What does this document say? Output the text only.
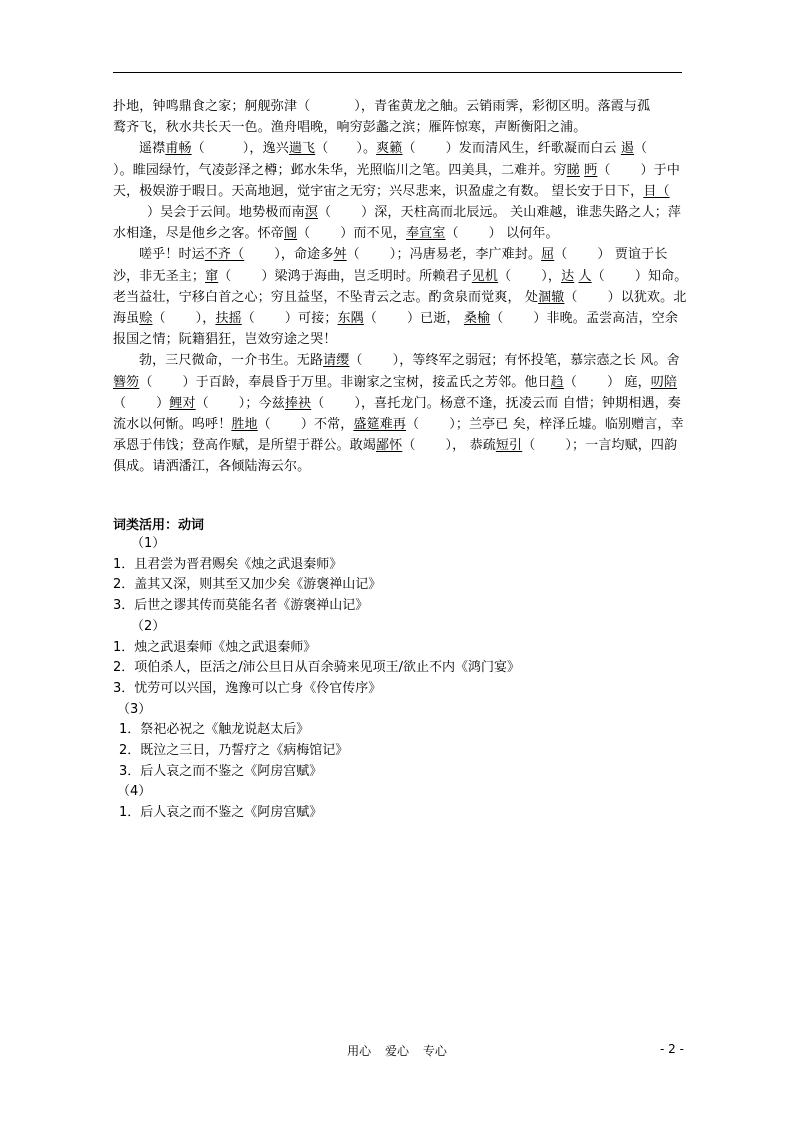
扑地，钟鸣鼎食之家；舸舰弥津（	），青雀黄龙之舳。云销雨霁，彩彻区明。落霞与孤
鹜齐飞，秋水共长天一色。渔舟唱晚，响穷彭蠡之滨；雁阵惊寒，声断衡阳之浦。

遥襟甫畅（	），逸兴遄飞（ ）。爽籁（ ）发而清风生，纤歌凝而白云 遏（）。睢园绿竹，气凌彭泽之樽；邺水朱华，光照临川之笔。四美具，二难并。穷睇 眄（ ）于中天，极娱游于暇日。天高地迥，觉宇宙之无穷；兴尽悲来，识盈虚之有数。 望长安于日下，目（）吴会于云间。地势极而南溟（ ）深，天柱高而北辰远。 关山难越，谁悲失路之人；萍水相逢，尽是他乡之客。怀帝阍（ ）而不见，奉宣室（ ） 以何年。

嗟乎！时运不齐（ ），命途多舛（ ）；冯唐易老，李广难封。屈（ ） 贾谊于长沙，非无圣主；窜（ ）梁鸿于海曲，岂乏明时。所赖君子见机（ ），达 人（ ）知命。老当益壮，宁移白首之心；穷且益坚，不坠青云之志。酌贪泉而觉爽， 处涸辙（ ）以犹欢。北海虽赊（ ），扶摇（ ）可接；东隅（ ）已逝， 桑榆（ ）非晚。孟尝高洁，空余报国之情；阮籍猖狂，岂效穷途之哭！

勃，三尺微命，一介书生。无路请缨（ ），等终军之弱冠；有怀投笔，慕宗悫之长 风。舍簪笏（ ）于百龄，奉晨昏于万里。非谢家之宝树，接孟氏之芳邻。他日趋（ ） 庭，叨陪（ ）鲤对（ ）；今兹捧袂（ ），喜托龙门。杨意不逢，抚凌云而 自惜；钟期相遇，奏流水以何惭。呜呼！胜地（ ）不常，盛筵难再（ ）；兰亭已 矣，梓泽丘墟。临别赠言，幸承恩于伟饯；登高作赋，是所望于群公。敢竭鄙怀（ ）， 恭疏短引（ ）；一言均赋，四韵俱成。请洒潘江，各倾陆海云尔。

词类活用：动词
（1）
1．且君尝为晋君赐矣《烛之武退秦师》
2．盖其又深，则其至又加少矣《游褒禅山记》
3．后世之谬其传而莫能名者《游褒禅山记》
（2）
1．烛之武退秦师《烛之武退秦师》
2．项伯杀人，臣活之/沛公旦日从百余骑来见项王/欲止不内《鸿门宴》
3．忧劳可以兴国，逸豫可以亡身《伶官传序》
（3）
1．祭祀必祝之《触龙说赵太后》
2．既泣之三日，乃誓疗之《病梅馆记》
3．后人哀之而不鉴之《阿房宫赋》
（4）
1．后人哀之而不鉴之《阿房宫赋》
用心 爱心 专心	- 2 -
